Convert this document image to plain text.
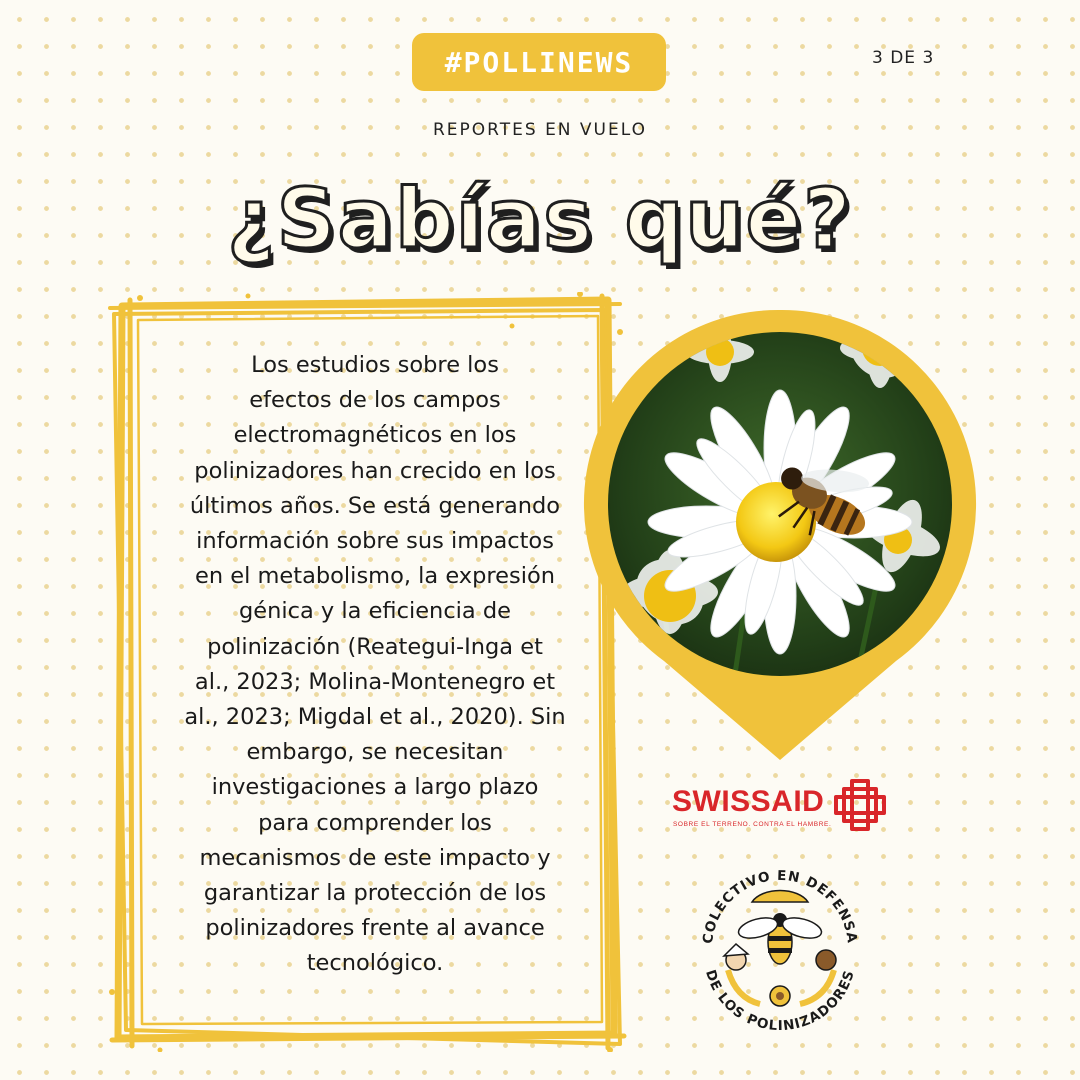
#POLLINEWS	3 DE 3
REPORTES EN VUELO
¿Sabías qué?
Los estudios sobre los
efectos de los campos
electromagnéticos en los
polinizadores han crecido en los
últimos años. Se está generando
información sobre sus impactos
en el metabolismo, la expresión
génica y la eficiencia de
polinización (Reategui-Inga et
al., 2023; Molina-Montenegro et
al., 2023; Migdal et al., 2020). Sin
embargo, se necesitan
investigaciones a largo plazo
para comprender los
mecanismos de este impacto y
garantizar la protección de los
polinizadores frente al avance
tecnológico.
SWISSAID
SOBRE EL TERRENO. CONTRA EL HAMBRE.
COLECTIVO EN DEFENSA
DE LOS POLINIZADORES
